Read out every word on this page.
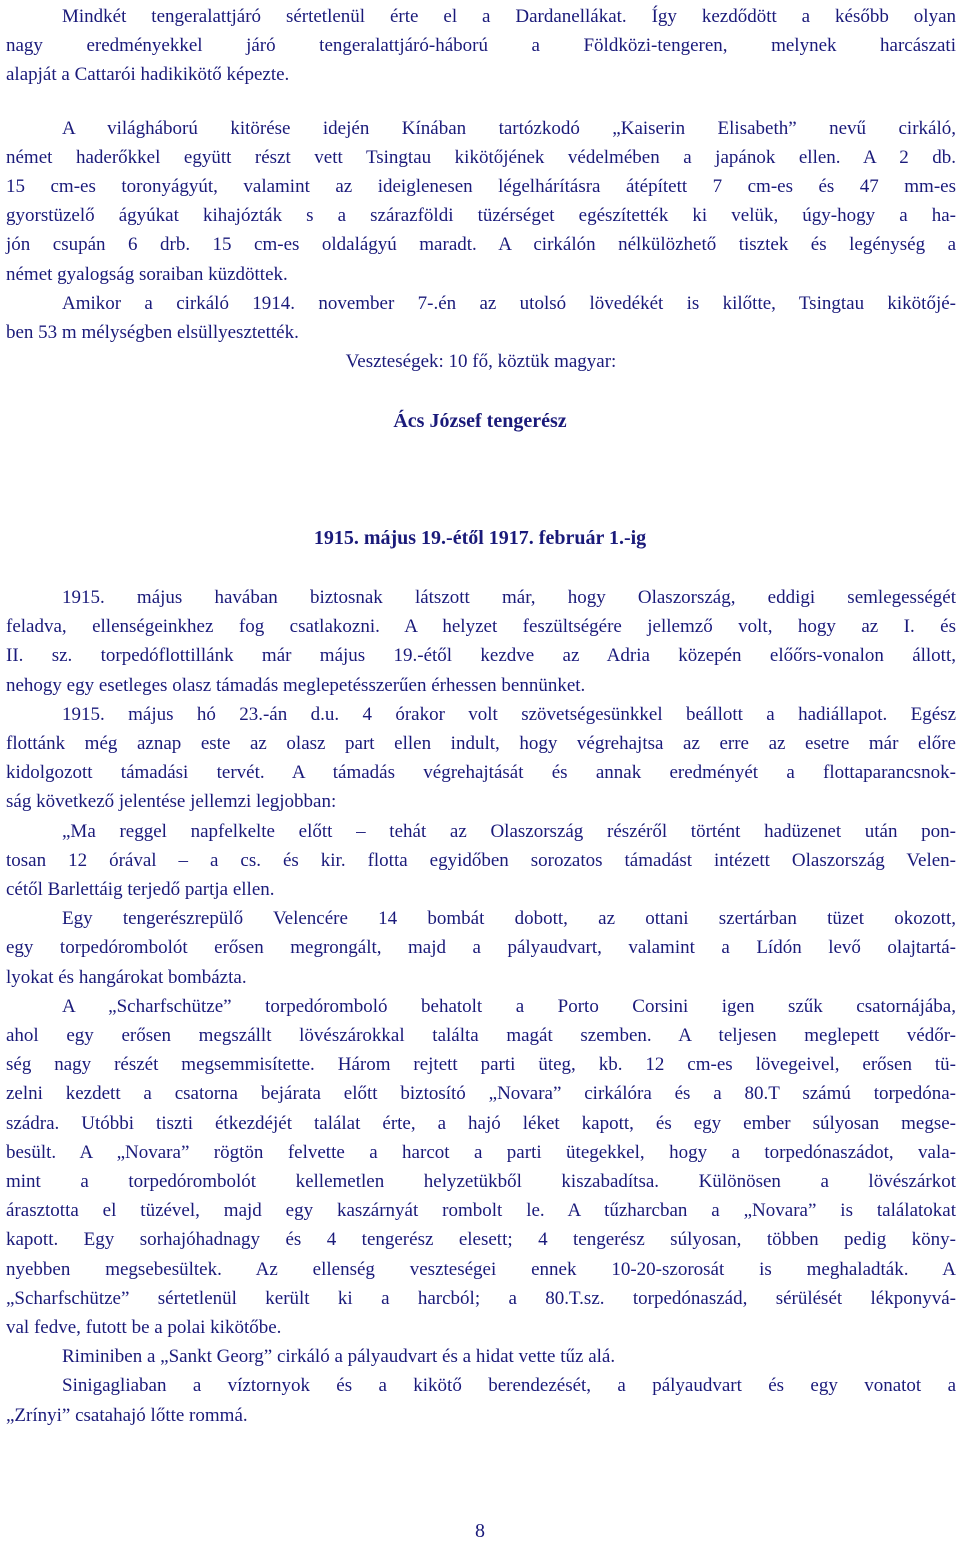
Mindkét tengeralattjáró sértetlenül érte el a Dardanellákat. Így kezdődött a később olyan
nagy eredményekkel járó tengeralattjáró-háború a Földközi-tengeren, melynek harcászati
alapját a Cattarói hadikikötő képezte.

A világháború kitörése idején Kínában tartózkodó „Kaiserin Elisabeth” nevű cirkáló,
német haderőkkel együtt részt vett Tsingtau kikötőjének védelmében a japánok ellen. A 2 db.
15 cm-es toronyágyút, valamint az ideiglenesen légelhárításra átépített 7 cm-es és 47 mm-es
gyorstüzelő ágyúkat kihajózták s a szárazföldi tüzérséget egészítették ki velük, úgy-hogy a ha-
jón csupán 6 drb. 15 cm-es oldalágyú maradt. A cirkálón nélkülözhető tisztek és legénység a
német gyalogság soraiban küzdöttek.

Amikor a cirkáló 1914. november 7-.én az utolsó lövedékét is kilőtte, Tsingtau kikötőjé-
ben 53 m mélységben elsüllyesztették.

Veszteségek: 10 fő, köztük magyar:

Ács József tengerész
1915. május 19.-étől 1917. február 1.-ig

1915. május havában biztosnak látszott már, hogy Olaszország, eddigi semlegességét
feladva, ellenségeinkhez fog csatlakozni. A helyzet feszültségére jellemző volt, hogy az I. és
II. sz. torpedóflottillánk már május 19.-étől kezdve az Adria közepén előőrs-vonalon állott,
nehogy egy esetleges olasz támadás meglepetésszerűen érhessen bennünket.

1915. május hó 23.-án d.u. 4 órakor volt szövetségesünkkel beállott a hadiállapot. Egész
flottánk még aznap este az olasz part ellen indult, hogy végrehajtsa az erre az esetre már előre
kidolgozott támadási tervét. A támadás végrehajtását és annak eredményét a flottaparancsnok-
ság következő jelentése jellemzi legjobban:

„Ma reggel napfelkelte előtt – tehát az Olaszország részéről történt hadüzenet után pon-
tosan 12 órával – a cs. és kir. flotta egyidőben sorozatos támadást intézett Olaszország Velen-
cétől Barlettáig terjedő partja ellen.

Egy tengerészrepülő Velencére 14 bombát dobott, az ottani szertárban tüzet okozott,
egy torpedórombolót erősen megrongált, majd a pályaudvart, valamint a Lídón levő olajtartá-
lyokat és hangárokat bombázta.

A „Scharfschütze” torpedóromboló behatolt a Porto Corsini igen szűk csatornájába,
ahol egy erősen megszállt lövészárokkal találta magát szemben. A teljesen meglepett védőr-
ség nagy részét megsemmisítette. Három rejtett parti üteg, kb. 12 cm-es lövegeivel, erősen tü-
zelni kezdett a csatorna bejárata előtt biztosító „Novara” cirkálóra és a 80.T számú torpedóna-
szádra. Utóbbi tiszti étkezdéjét találat érte, a hajó léket kapott, és egy ember súlyosan megse-
besült. A „Novara” rögtön felvette a harcot a parti ütegekkel, hogy a torpedónaszádot, vala-
mint a torpedórombolót kellemetlen helyzetükből kiszabadítsa. Különösen a lövészárkot
árasztotta el tüzével, majd egy kaszárnyát rombolt le. A tűzharcban a „Novara” is találatokat
kapott. Egy sorhajóhadnagy és 4 tengerész elesett; 4 tengerész súlyosan, többen pedig köny-
nyebben megsebesültek. Az ellenség veszteségei ennek 10-20-szorosát is meghaladták. A
„Scharfschütze” sértetlenül került ki a harcból; a 80.T.sz. torpedónaszád, sérülését lékponyvá-
val fedve, futott be a polai kikötőbe.

Riminiben a „Sankt Georg” cirkáló a pályaudvart és a hidat vette tűz alá.

Sinigagliaban a víztornyok és a kikötő berendezését, a pályaudvart és egy vonatot a
„Zrínyi” csatahajó lőtte rommá.

8
